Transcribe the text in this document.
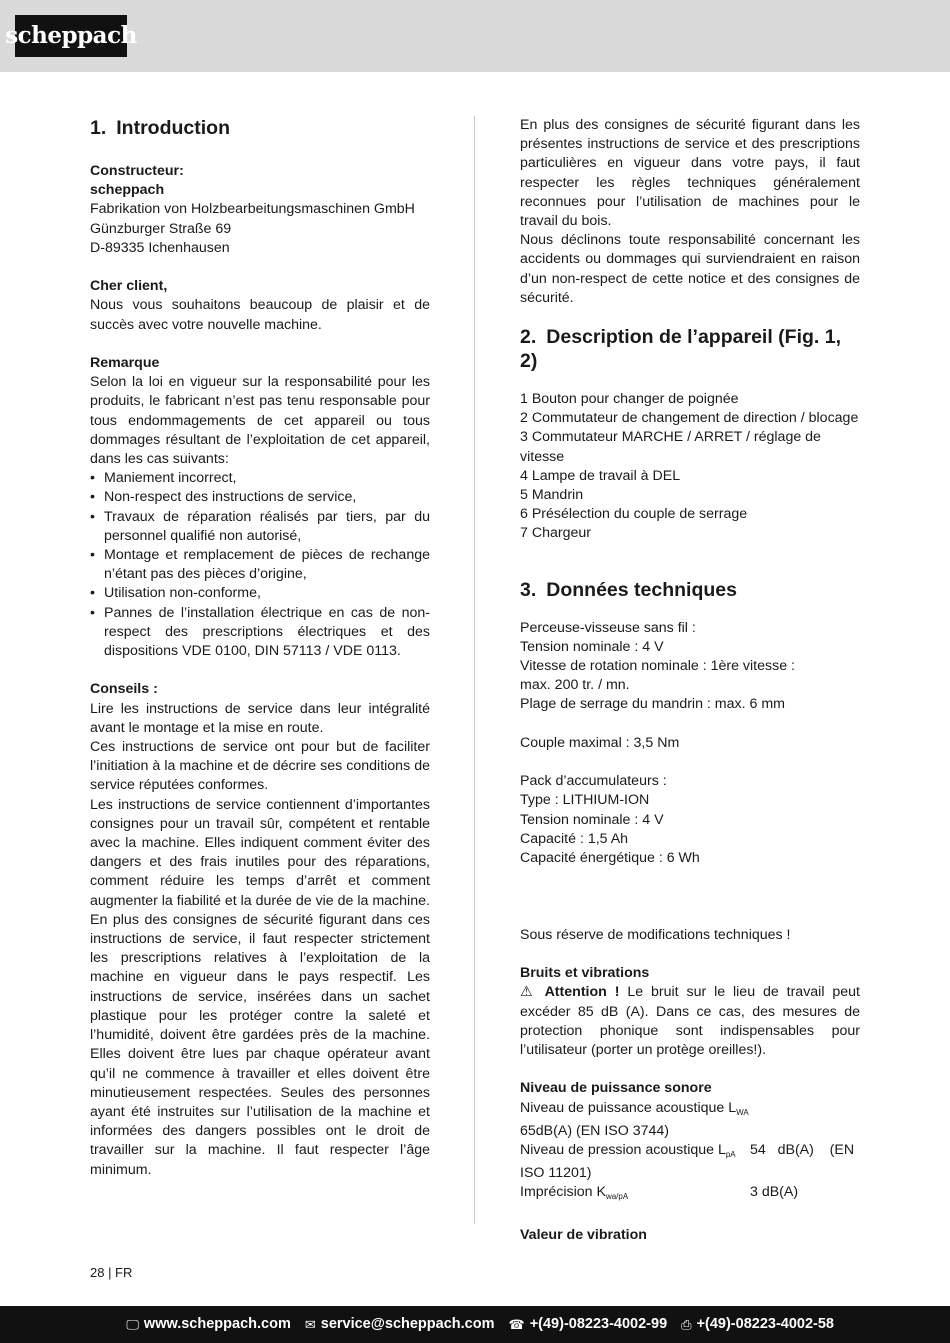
scheppach
1. Introduction

Constructeur:

scheppach

Fabrikation von Holzbearbeitungsmaschinen GmbH

Günzburger Straße 69

D-89335 Ichenhausen

Cher client,

Nous vous souhaitons beaucoup de plaisir et de succès avec votre nouvelle machine.

Remarque

Selon la loi en vigueur sur la responsabilité pour les produits, le fabricant n’est pas tenu responsable pour tous endommagements de cet appareil ou tous dommages résultant de l’exploitation de cet appareil, dans les cas suivants:

• Maniement incorrect,
• Non-respect des instructions de service,
• Travaux de réparation réalisés par tiers, par du personnel qualifié non autorisé,
• Montage et remplacement de pièces de rechange n’étant pas des pièces d’origine,
• Utilisation non-conforme,
• Pannes de l’installation électrique en cas de non-respect des prescriptions électriques et des dispositions VDE 0100, DIN 57113 / VDE 0113.

Conseils :

Lire les instructions de service dans leur intégralité avant le montage et la mise en route.

Ces instructions de service ont pour but de faciliter l’initiation à la machine et de décrire ses conditions de service réputées conformes.

Les instructions de service contiennent d’importantes consignes pour un travail sûr, compétent et rentable avec la machine. Elles indiquent comment éviter des dangers et des frais inutiles pour des réparations, comment réduire les temps d’arrêt et comment augmenter la fiabilité et la durée de vie de la machine.

En plus des consignes de sécurité figurant dans ces instructions de service, il faut respecter strictement les prescriptions relatives à l’exploitation de la machine en vigueur dans le pays respectif. Les instructions de service, insérées dans un sachet plastique pour les protéger contre la saleté et l’humidité, doivent être gardées près de la machine. Elles doivent être lues par chaque opérateur avant qu’il ne commence à travailler et elles doivent être minutieusement respectées. Seules des personnes ayant été instruites sur l’utilisation de la machine et informées des dangers possibles ont le droit de travailler sur la machine. Il faut respecter l’âge minimum.

En plus des consignes de sécurité figurant dans les présentes instructions de service et des prescriptions particulières en vigueur dans votre pays, il faut respecter les règles techniques généralement reconnues pour l’utilisation de machines pour le travail du bois.

Nous déclinons toute responsabilité concernant les accidents ou dommages qui surviendraient en raison d’un non-respect de cette notice et des consignes de sécurité.

2. Description de l’appareil (Fig. 1, 2)

1 Bouton pour changer de poignée

2 Commutateur de changement de direction / blocage

3 Commutateur MARCHE / ARRET / réglage de vitesse

4 Lampe de travail à DEL

5 Mandrin

6 Présélection du couple de serrage

7 Chargeur

3. Données techniques

Perceuse-visseuse sans fil :

Tension nominale : 4 V

Vitesse de rotation nominale : 1ère vitesse :

max. 200 tr. / mn.

Plage de serrage du mandrin : max. 6 mm

Couple maximal : 3,5 Nm

Pack d’accumulateurs :

Type : LITHIUM-ION

Tension nominale : 4 V

Capacité : 1,5 Ah

Capacité énergétique : 6 Wh

Sous réserve de modifications techniques !

Bruits et vibrations

⚠ Attention ! Le bruit sur le lieu de travail peut excéder 85 dB (A). Dans ce cas, des mesures de protection phonique sont indispensables pour l’utilisateur (porter un protège oreilles!).

Niveau de puissance sonore

Niveau de puissance acoustique $L_{WA}$

65dB(A) (EN ISO 3744)

Niveau de pression acoustique $L_{pA}$ 54 dB(A) (EN

ISO 11201)

Imprécision $K_{wa/pA}$	3 dB(A)

Valeur de vibration

28 | FR
🖵 www.scheppach.com ✉ service@scheppach.com ☎ +(49)-08223-4002-99 ⎙ +(49)-08223-4002-58
